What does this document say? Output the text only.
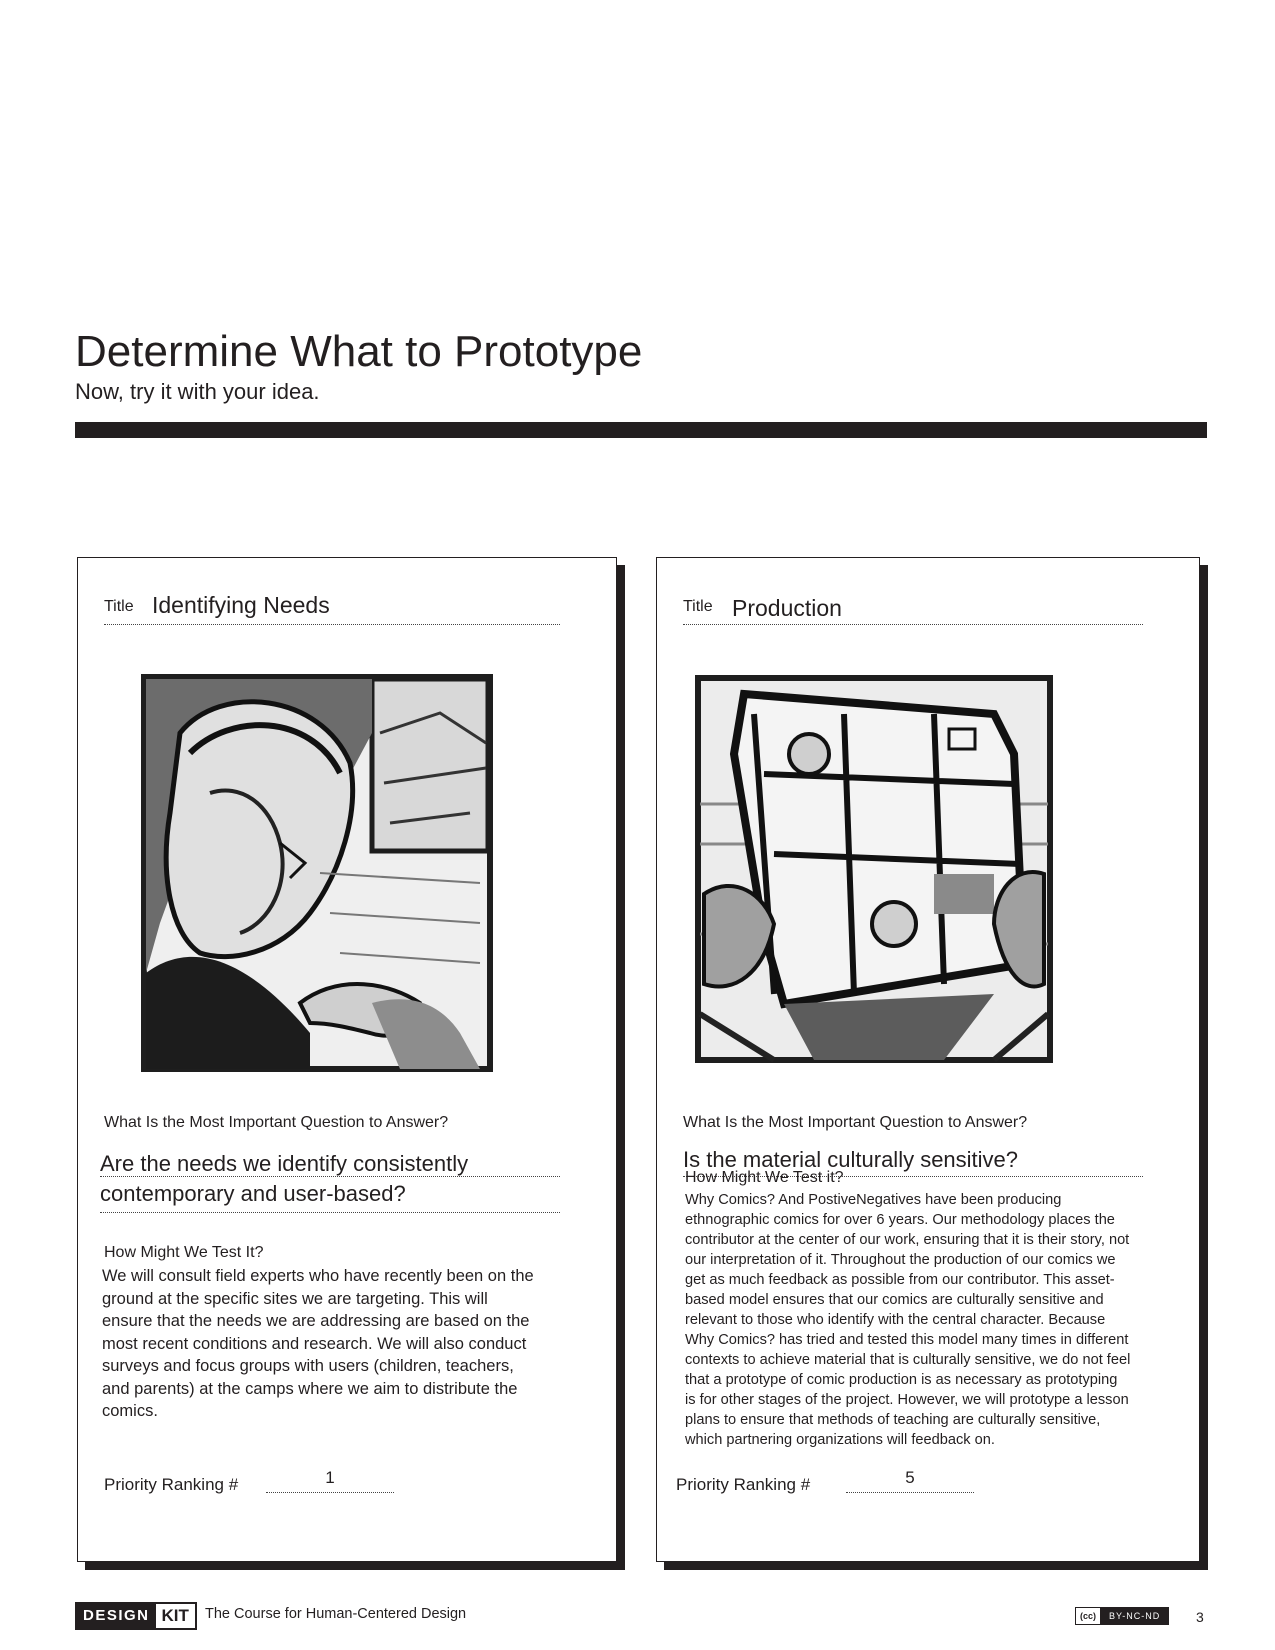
Determine What to Prototype

Now, try it with your idea.

Title Identifying Needs
What Is the Most Important Question to Answer?
Are the needs we identify consistently
contemporary and user-based?
How Might We Test It?
We will consult field experts who have recently been on the ground at the specific sites we are targeting. This will ensure that the needs we are addressing are based on the most recent conditions and research. We will also conduct surveys and focus groups with users (children, teachers, and parents) at the camps where we aim to distribute the comics.
Priority Ranking #	1
Title Production
What Is the Most Important Question to Answer?
Is the material culturally sensitive?
How Might We Test it?
Why Comics? And PostiveNegatives have been producing ethnographic comics for over 6 years. Our methodology places the contributor at the center of our work, ensuring that it is their story, not our interpretation of it. Throughout the production of our comics we get as much feedback as possible from our contributor. This asset-based model ensures that our comics are culturally sensitive and relevant to those who identify with the central character. Because Why Comics? has tried and tested this model many times in different contexts to achieve material that is culturally sensitive, we do not feel that a prototype of comic production is as necessary as prototyping is for other stages of the project. However, we will prototype a lesson plans to ensure that methods of teaching are culturally sensitive, which partnering organizations will feedback on.
Priority Ranking #	5
DESIGN KIT	The Course for Human-Centered Design	(cc)	BY-NC-ND	3
